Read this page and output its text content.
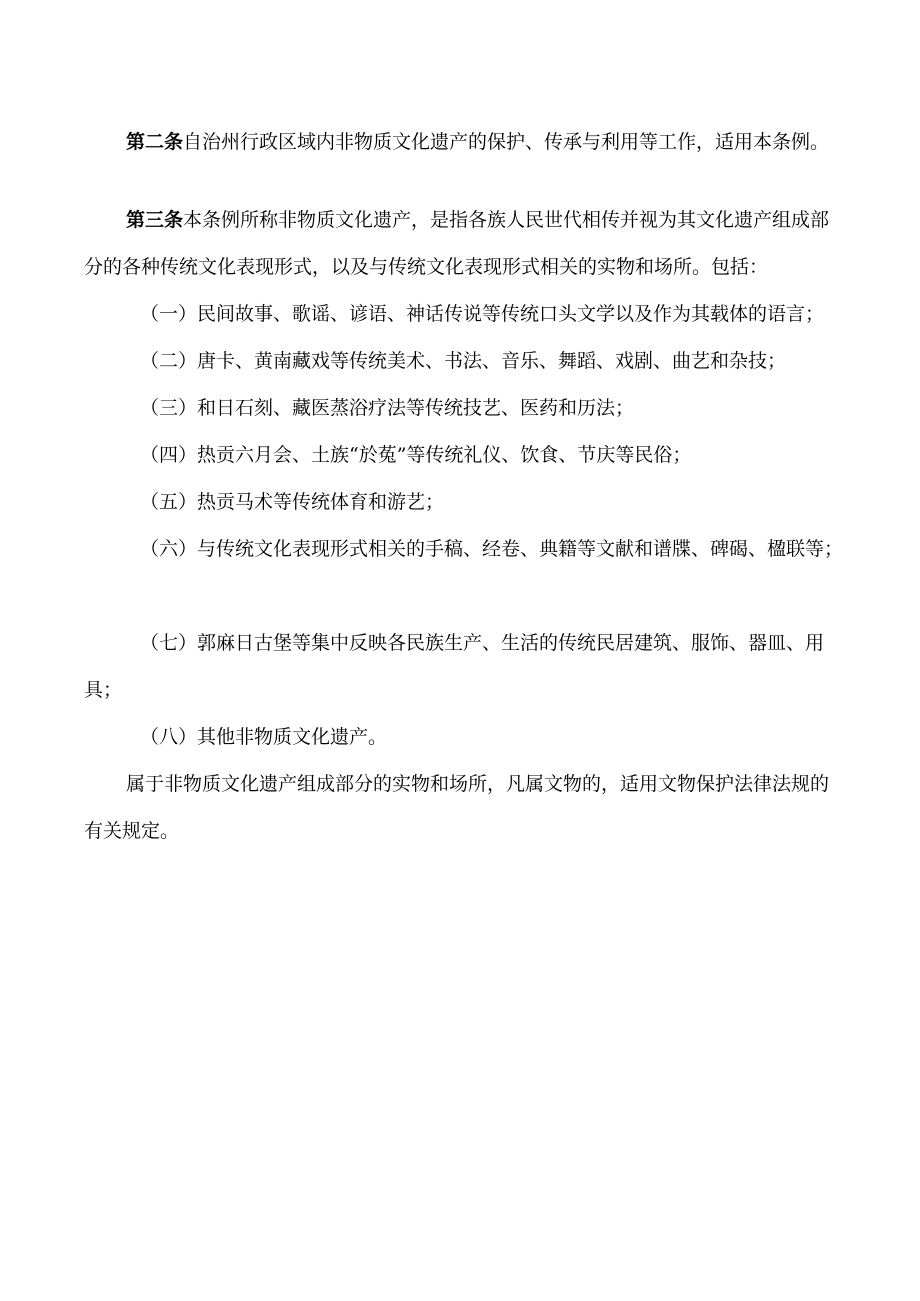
第二条自治州行政区域内非物质文化遗产的保护、传承与利用等工作，适用本条例。

第三条本条例所称非物质文化遗产，是指各族人民世代相传并视为其文化遗产组成部分的各种传统文化表现形式，以及与传统文化表现形式相关的实物和场所。包括：

（一）民间故事、歌谣、谚语、神话传说等传统口头文学以及作为其载体的语言；

（二）唐卡、黄南藏戏等传统美术、书法、音乐、舞蹈、戏剧、曲艺和杂技；

（三）和日石刻、藏医蒸浴疗法等传统技艺、医药和历法；

（四）热贡六月会、土族“於菟”等传统礼仪、饮食、节庆等民俗；

（五）热贡马术等传统体育和游艺；

（六）与传统文化表现形式相关的手稿、经卷、典籍等文献和谱牒、碑碣、楹联等；

（七）郭麻日古堡等集中反映各民族生产、生活的传统民居建筑、服饰、器皿、用具；

（八）其他非物质文化遗产。

属于非物质文化遗产组成部分的实物和场所，凡属文物的，适用文物保护法律法规的有关规定。
